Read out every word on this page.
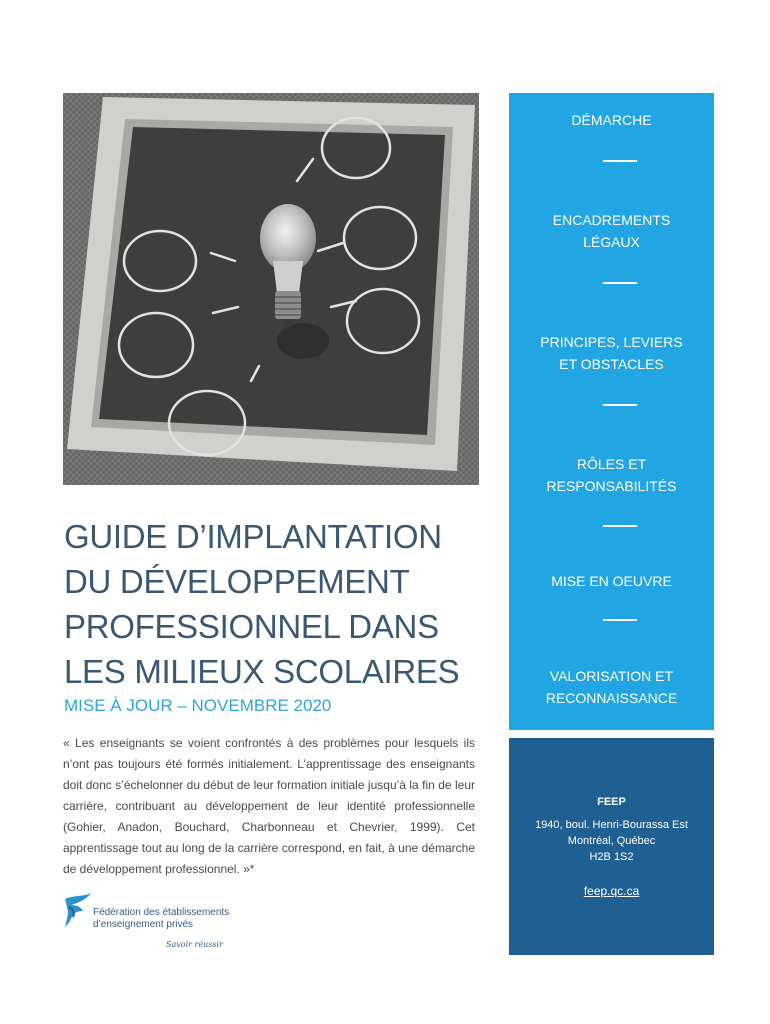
GUIDE D’IMPLANTATION
DU DÉVELOPPEMENT
PROFESSIONNEL DANS
LES MILIEUX SCOLAIRES
MISE À JOUR – NOVEMBRE 2020

« Les enseignants se voient confrontés à des problèmes pour lesquels ils n’ont pas toujours été formés initialement. L’apprentissage des enseignants doit donc s’échelonner du début de leur formation initiale jusqu’à la fin de leur carrière, contribuant au développement de leur identité professionnelle (Gohier, Anadon, Bouchard, Charbonneau et Chevrier, 1999). Cet apprentissage tout au long de la carrière correspond, en fait, à une démarche de développement professionnel. »*

Fédération des établissements
d’enseignement privés
Savoir réussir
DÉMARCHE
ENCADREMENTS
LÉGAUX
PRINCIPES, LEVIERS
ET OBSTACLES
RÔLES ET
RESPONSABILITÉS
MISE EN OEUVRE
VALORISATION ET
RECONNAISSANCE
FEEP
1940, boul. Henri-Bourassa Est
Montréal, Québec
H2B 1S2
feep.qc.ca
